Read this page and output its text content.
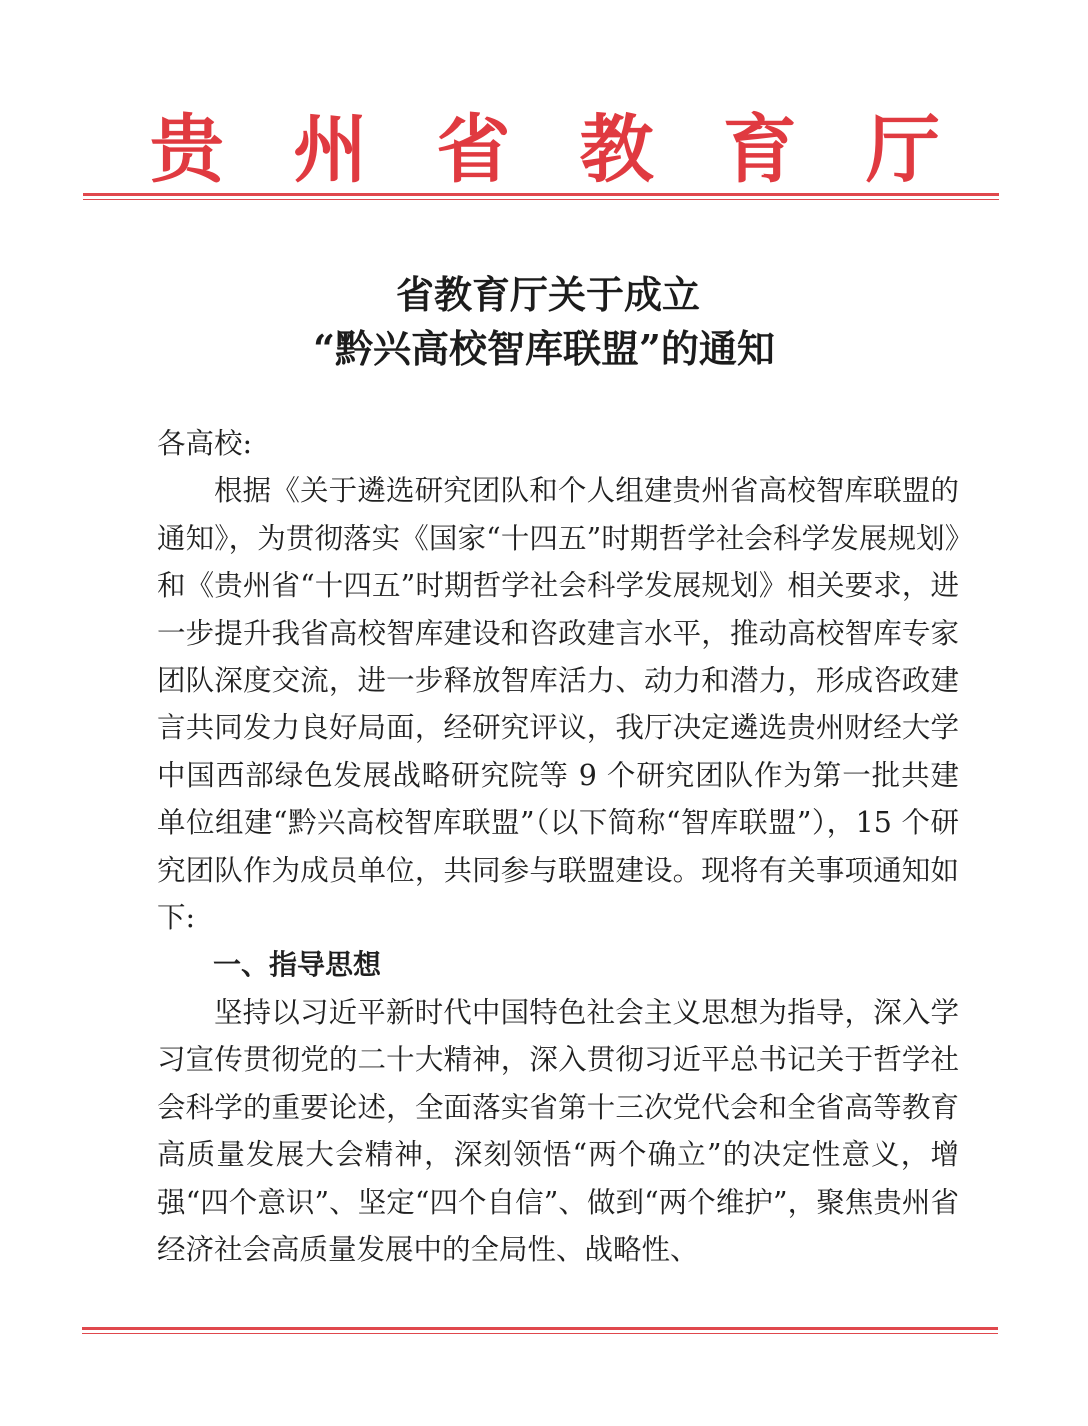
贵 州 省 教 育 厅
省教育厅关于成立
“黔兴高校智库联盟”的通知

各高校:

根据《关于遴选研究团队和个人组建贵州省高校智库联盟的通知》，为贯彻落实《国家“十四五”时期哲学社会科学发展规划》和《贵州省“十四五”时期哲学社会科学发展规划》相关要求，进一步提升我省高校智库建设和咨政建言水平，推动高校智库专家团队深度交流，进一步释放智库活力、动力和潜力，形成咨政建言共同发力良好局面，经研究评议，我厅决定遴选贵州财经大学中国西部绿色发展战略研究院等 9 个研究团队作为第一批共建单位组建“黔兴高校智库联盟”（以下简称“智库联盟”），15 个研究团队作为成员单位，共同参与联盟建设。现将有关事项通知如下:

一、指导思想

坚持以习近平新时代中国特色社会主义思想为指导，深入学习宣传贯彻党的二十大精神，深入贯彻习近平总书记关于哲学社会科学的重要论述，全面落实省第十三次党代会和全省高等教育高质量发展大会精神，深刻领悟“两个确立”的决定性意义，增强“四个意识”、坚定“四个自信”、做到“两个维护”，聚焦贵州省经济社会高质量发展中的全局性、战略性、
